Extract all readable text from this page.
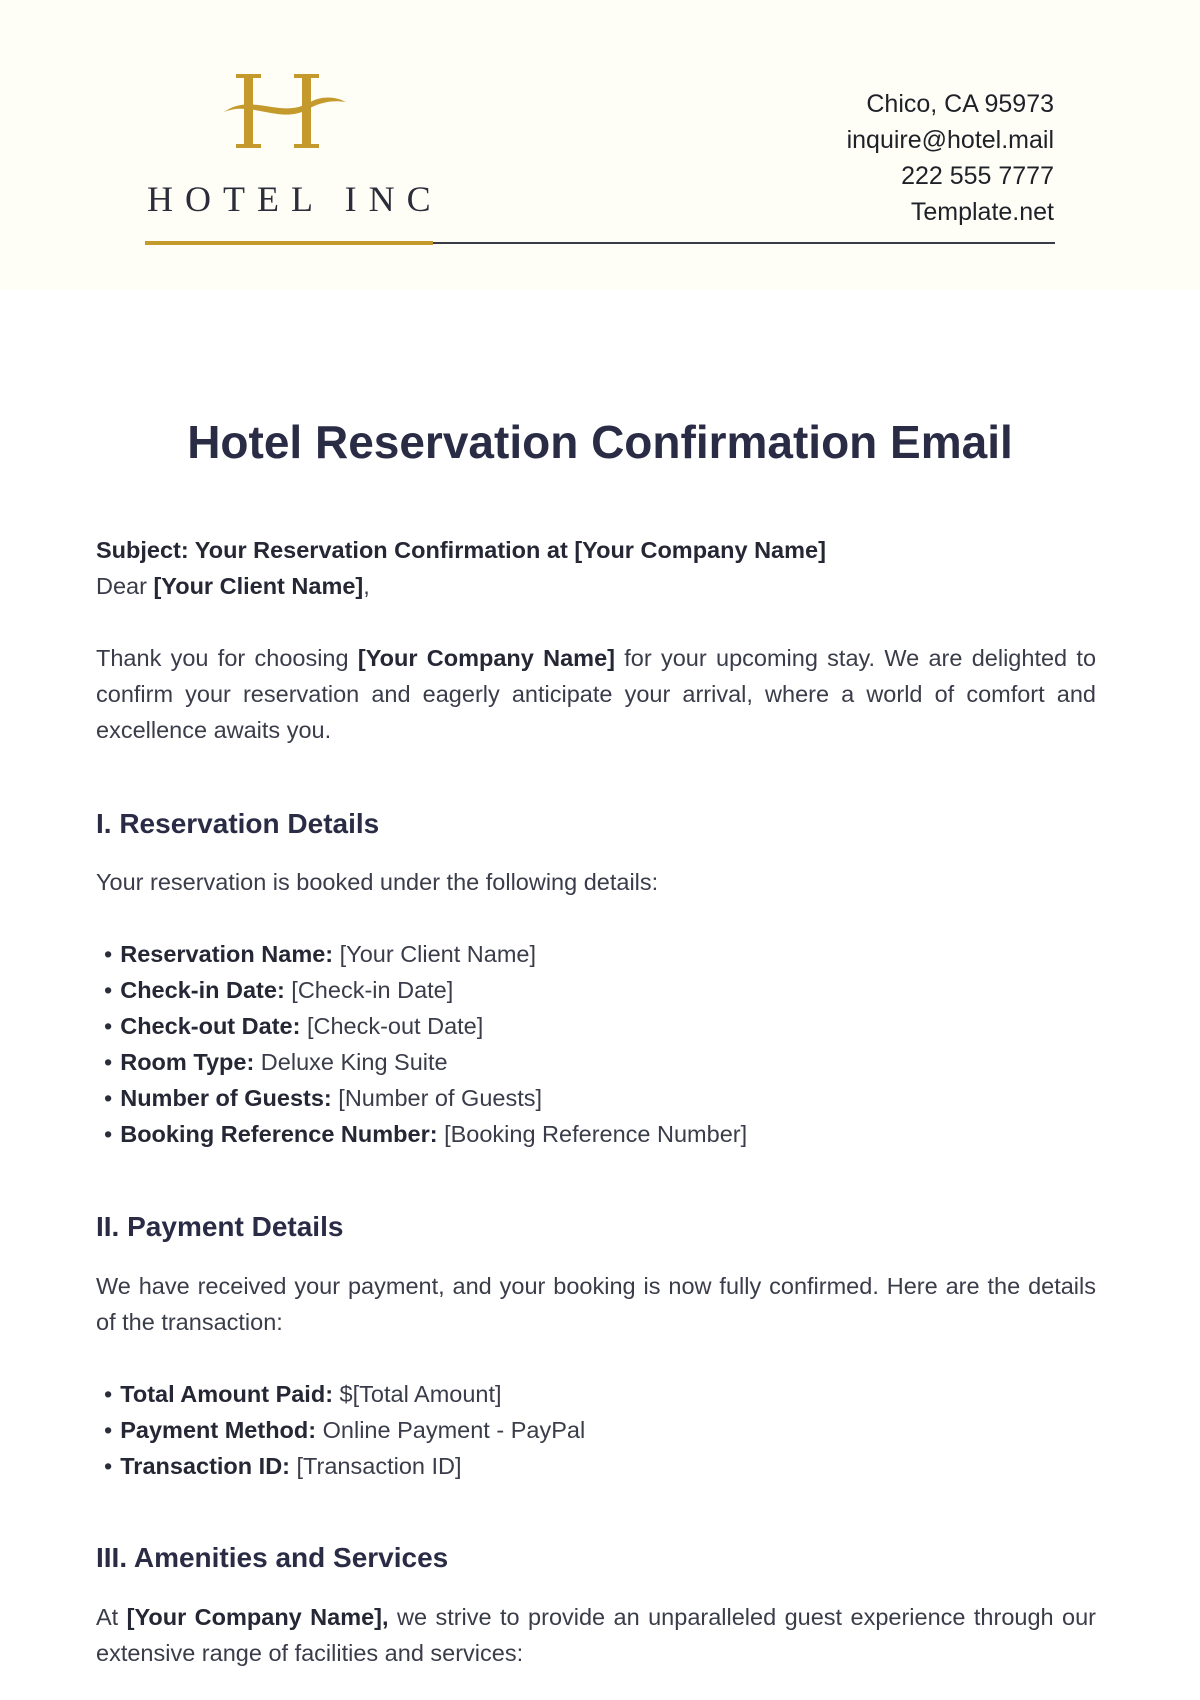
HOTEL INC
Chico, CA 95973
inquire@hotel.mail
222 555 7777
Template.net
Hotel Reservation Confirmation Email

Subject: Your Reservation Confirmation at [Your Company Name]

Dear [Your Client Name],

Thank you for choosing [Your Company Name] for your upcoming stay. We are delighted to confirm your reservation and eagerly anticipate your arrival, where a world of comfort and excellence awaits you.

I. Reservation Details

Your reservation is booked under the following details:

• Reservation Name: [Your Client Name]
• Check-in Date: [Check-in Date]
• Check-out Date: [Check-out Date]
• Room Type: Deluxe King Suite
• Number of Guests: [Number of Guests]
• Booking Reference Number: [Booking Reference Number]
II. Payment Details

We have received your payment, and your booking is now fully confirmed. Here are the details of the transaction:

• Total Amount Paid: $[Total Amount]
• Payment Method: Online Payment - PayPal
• Transaction ID: [Transaction ID]
III. Amenities and Services

At [Your Company Name], we strive to provide an unparalleled guest experience through our extensive range of facilities and services:
